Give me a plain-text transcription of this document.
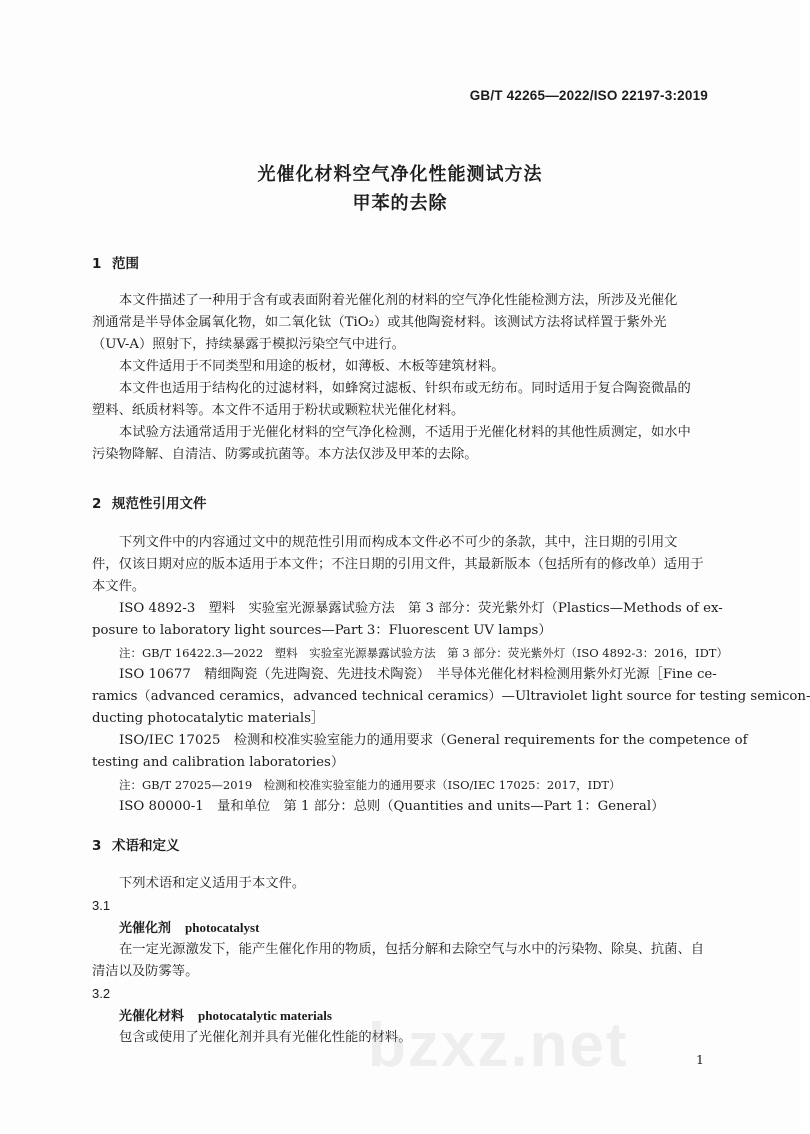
GB/T 42265—2022/ISO 22197-3:2019
光催化材料空气净化性能测试方法
甲苯的去除
1 范围
本文件描述了一种用于含有或表面附着光催化剂的材料的空气净化性能检测方法，所涉及光催化
剂通常是半导体金属氧化物，如二氧化钛（TiO₂）或其他陶瓷材料。该测试方法将试样置于紫外光
（UV-A）照射下，持续暴露于模拟污染空气中进行。
本文件适用于不同类型和用途的板材，如薄板、木板等建筑材料。
本文件也适用于结构化的过滤材料，如蜂窝过滤板、针织布或无纺布。同时适用于复合陶瓷微晶的
塑料、纸质材料等。本文件不适用于粉状或颗粒状光催化材料。
本试验方法通常适用于光催化材料的空气净化检测，不适用于光催化材料的其他性质测定，如水中
污染物降解、自清洁、防雾或抗菌等。本方法仅涉及甲苯的去除。
2 规范性引用文件
下列文件中的内容通过文中的规范性引用而构成本文件必不可少的条款，其中，注日期的引用文
件，仅该日期对应的版本适用于本文件；不注日期的引用文件，其最新版本（包括所有的修改单）适用于
本文件。
ISO 4892-3　塑料　实验室光源暴露试验方法　第 3 部分：荧光紫外灯（Plastics—Methods of ex-
posure to laboratory light sources—Part 3：Fluorescent UV lamps）
注：GB/T 16422.3—2022　塑料　实验室光源暴露试验方法　第 3 部分：荧光紫外灯（ISO 4892-3：2016，IDT）
ISO 10677　精细陶瓷（先进陶瓷、先进技术陶瓷）　半导体光催化材料检测用紫外灯光源［Fine ce-
ramics（advanced ceramics，advanced technical ceramics）—Ultraviolet light source for testing semicon-
ducting photocatalytic materials］
ISO/IEC 17025　检测和校准实验室能力的通用要求（General requirements for the competence of
testing and calibration laboratories）
注：GB/T 27025—2019　检测和校准实验室能力的通用要求（ISO/IEC 17025：2017，IDT）
ISO 80000-1　量和单位　第 1 部分：总则（Quantities and units—Part 1：General）
3 术语和定义
下列术语和定义适用于本文件。
3.1
光催化剂 photocatalyst
在一定光源激发下，能产生催化作用的物质，包括分解和去除空气与水中的污染物、除臭、抗菌、自
清洁以及防雾等。
3.2
光催化材料 photocatalytic materials
包含或使用了光催化剂并具有光催化性能的材料。
bzxz.net	1
